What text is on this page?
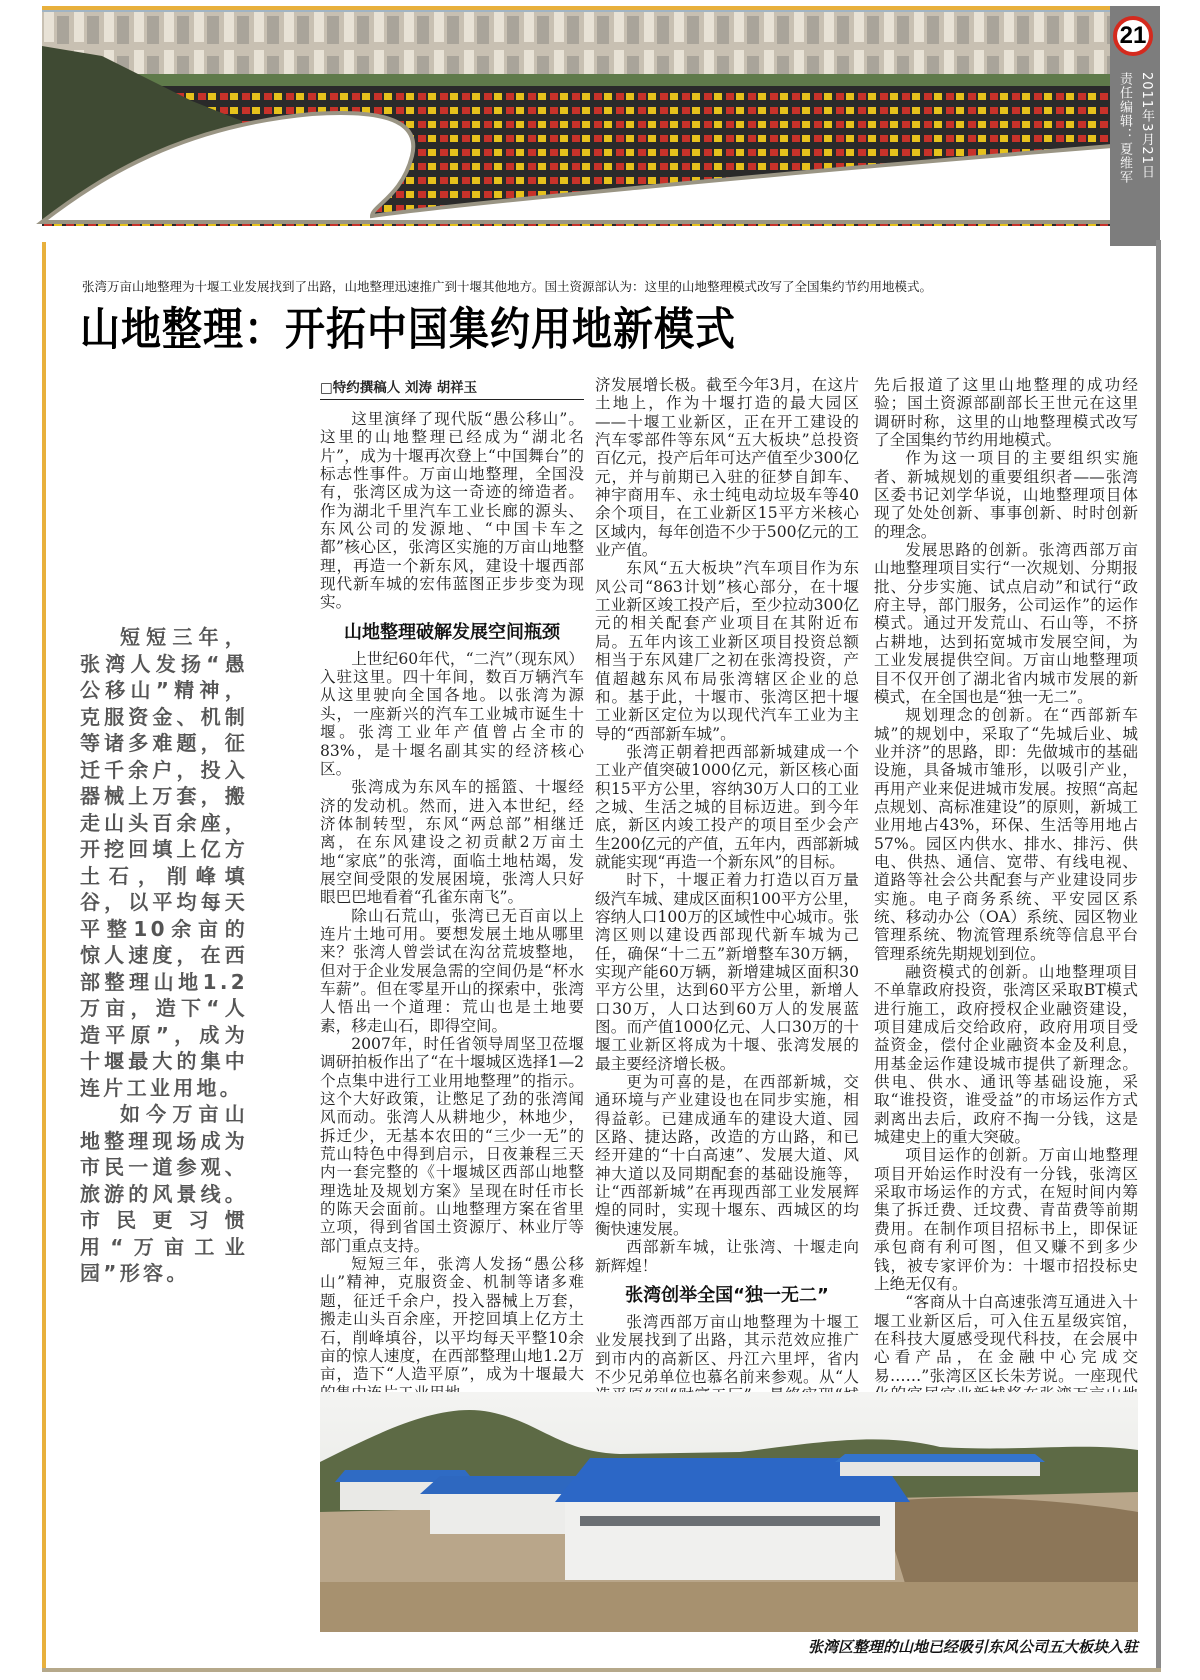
21
2011年3月21日
责任编辑：夏维军
张湾万亩山地整理为十堰工业发展找到了出路，山地整理迅速推广到十堰其他地方。国土资源部认为：这里的山地整理模式改写了全国集约节约用地模式。
山地整理：开拓中国集约用地新模式

短短三年，张湾人发扬“愚公移山”精神，克服资金、机制等诸多难题，征迁千余户，投入器械上万套，搬走山头百余座，开挖回填上亿方土石，削峰填谷，以平均每天平整10余亩的惊人速度，在西部整理山地1.2万亩，造下“人造平原”，成为十堰最大的集中连片工业用地。

如今万亩山地整理现场成为市民一道参观、旅游的风景线。市民更习惯用“万亩工业园”形容。

□特约撰稿人 刘涛 胡祥玉

这里演绎了现代版“愚公移山”。这里的山地整理已经成为“湖北名片”，成为十堰再次登上“中国舞台”的标志性事件。万亩山地整理，全国没有，张湾区成为这一奇迹的缔造者。作为湖北千里汽车工业长廊的源头、东风公司的发源地、“中国卡车之都”核心区，张湾区实施的万亩山地整理，再造一个新东风，建设十堰西部现代新车城的宏伟蓝图正步步变为现实。

山地整理破解发展空间瓶颈

上世纪60年代，“二汽”（现东风）入驻这里。四十年间，数百万辆汽车从这里驶向全国各地。以张湾为源头，一座新兴的汽车工业城市诞生十堰。张湾工业年产值曾占全市的83%，是十堰名副其实的经济核心区。

张湾成为东风车的摇篮、十堰经济的发动机。然而，进入本世纪，经济体制转型，东风“两总部”相继迁离，在东风建设之初贡献2万亩土地“家底”的张湾，面临土地枯竭，发展空间受限的发展困境，张湾人只好眼巴巴地看着“孔雀东南飞”。

除山石荒山，张湾已无百亩以上连片土地可用。要想发展土地从哪里来？张湾人曾尝试在沟岔荒坡整地，但对于企业发展急需的空间仍是“杯水车薪”。但在零星开山的探索中，张湾人悟出一个道理：荒山也是土地要素，移走山石，即得空间。

2007年，时任省领导周坚卫莅堰调研拍板作出了“在十堰城区选择1—2个点集中进行工业用地整理”的指示。这个大好政策，让憋足了劲的张湾闻风而动。张湾人从耕地少，林地少，拆迁少，无基本农田的“三少一无”的荒山特色中得到启示，日夜兼程三天内一套完整的《十堰城区西部山地整理选址及规划方案》呈现在时任市长的陈天会面前。山地整理方案在省里立项，得到省国土资源厅、林业厅等部门重点支持。

短短三年，张湾人发扬“愚公移山”精神，克服资金、机制等诸多难题，征迁千余户，投入器械上万套，搬走山头百余座，开挖回填上亿方土石，削峰填谷，以平均每天平整10余亩的惊人速度，在西部整理山地1.2万亩，造下“人造平原”，成为十堰最大

济发展增长极。截至今年3月，在这片土地上，作为十堰打造的最大园区——十堰工业新区，正在开工建设的汽车零部件等东风“五大板块”总投资百亿元，投产后年可达产值至少300亿元，并与前期已入驻的征梦自卸车、神宇商用车、永士纯电动垃圾车等40余个项目，在工业新区15平方米核心区域内，每年创造不少于500亿元的工业产值。

东风“五大板块”汽车项目作为东风公司“863计划”核心部分，在十堰工业新区竣工投产后，至少拉动300亿元的相关配套产业项目在其附近布局。五年内该工业新区项目投资总额相当于东风建厂之初在张湾投资，产值超越东风布局张湾辖区企业的总和。基于此，十堰市、张湾区把十堰工业新区定位为以现代汽车工业为主导的“西部新车城”。

张湾正朝着把西部新城建成一个工业产值突破1000亿元，新区核心面积15平方公里，容纳30万人口的工业之城、生活之城的目标迈进。到今年底，新区内竣工投产的项目至少会产生200亿元的产值，五年内，西部新城就能实现“再造一个新东风”的目标。

时下，十堰正着力打造以百万量级汽车城、建成区面积100平方公里，容纳人口100万的区域性中心城市。张湾区则以建设西部现代新车城为己任，确保“十二五”新增整车30万辆，实现产能60万辆，新增建城区面积30平方公里，达到60平方公里，新增人口30万，人口达到60万人的发展蓝图。而产值1000亿元、人口30万的十堰工业新区将成为十堰、张湾发展的最主要经济增长极。

更为可喜的是，在西部新城，交通环境与产业建设也在同步实施，相得益彰。已建成通车的建设大道、园区路、捷达路，改造的方山路，和已经开建的“十白高速”、发展大道、风神大道以及同期配套的基础设施等，让“西部新城”在再现西部工业发展辉煌的同时，实现十堰东、西城区的均衡快速发展。

西部新车城，让张湾、十堰走向新辉煌！

张湾创举全国“独一无二”

张湾西部万亩山地整理为十堰工业发展找到了出路，其示范效应推广到市内的高新区、丹江六里坪，省内不少兄弟单位也慕名前来参观。从“人

先后报道了这里山地整理的成功经验；国土资源部副部长王世元在这里调研时称，这里的山地整理模式改写了全国集约节约用地模式。

作为这一项目的主要组织实施者、新城规划的重要组织者——张湾区委书记刘学华说，山地整理项目体现了处处创新、事事创新、时时创新的理念。

发展思路的创新。张湾西部万亩山地整理项目实行“一次规划、分期报批、分步实施、试点启动”和试行“政府主导，部门服务，公司运作”的运作模式。通过开发荒山、石山等，不挤占耕地，达到拓宽城市发展空间，为工业发展提供空间。万亩山地整理项目不仅开创了湖北省内城市发展的新模式，在全国也是“独一无二”。

规划理念的创新。在“西部新车城”的规划中，采取了“先城后业、城业并济”的思路，即：先做城市的基础设施，具备城市雏形，以吸引产业，再用产业来促进城市发展。按照“高起点规划、高标准建设”的原则，新城工业用地占43%，环保、生活等用地占57%。园区内供水、排水、排污、供电、供热、通信、宽带、有线电视、道路等社会公共配套与产业建设同步实施。电子商务系统、平安园区系统、移动办公（OA）系统、园区物业管理系统、物流管理系统等信息平台管理系统先期规划到位。

融资模式的创新。山地整理项目不单靠政府投资，张湾区采取BT模式进行施工，政府授权企业融资建设，项目建成后交给政府，政府用项目受益资金，偿付企业融资本金及利息，用基金运作建设城市提供了新理念。供电、供水、通讯等基础设施，采取“谁投资，谁受益”的市场运作方式剥离出去后，政府不掏一分钱，这是城建史上的重大突破。

项目运作的创新。万亩山地整理项目开始运作时没有一分钱，张湾区采取市场运作的方式，在短时间内筹集了拆迁费、迁坟费、青苗费等前期费用。在制作项目招标书上，即保证承包商有利可图，但又赚不到多少钱，被专家评价为：十堰市招投标史上绝无仅有。

“客商从十白高速张湾互通进入十堰工业新区后，可入住五星级宾馆，在科技大厦感受现代科技，在会展中心看产品，在金融中心完成交易……”张湾区区长朱芳说。一座现代

张湾区整理的山地已经吸引东风公司五大板块入驻
